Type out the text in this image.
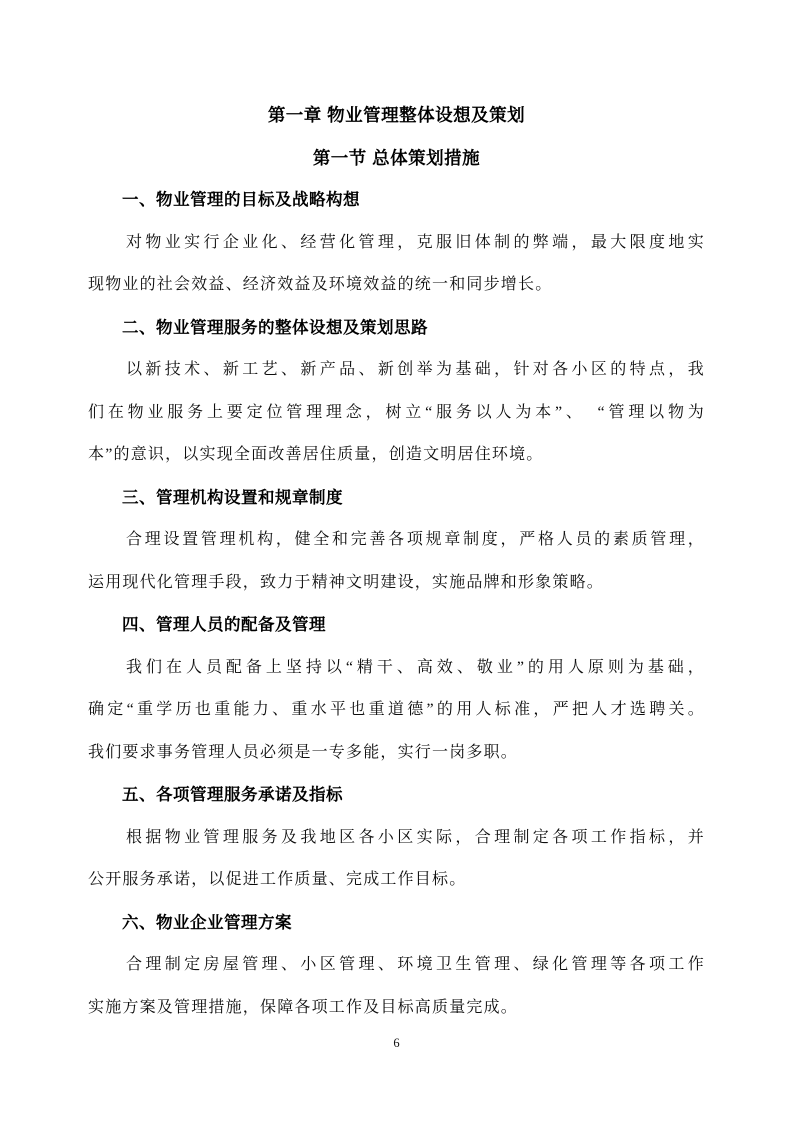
第一章 物业管理整体设想及策划
第一节 总体策划措施
一、物业管理的目标及战略构想
对物业实行企业化、经营化管理，克服旧体制的弊端，最大限度地实
现物业的社会效益、经济效益及环境效益的统一和同步增长。
二、物业管理服务的整体设想及策划思路
以新技术、新工艺、新产品、新创举为基础，针对各小区的特点，我
们在物业服务上要定位管理理念，树立“服务以人为本”、　“管理以物为
本”的意识，以实现全面改善居住质量，创造文明居住环境。
三、管理机构设置和规章制度
合理设置管理机构，健全和完善各项规章制度，严格人员的素质管理，
运用现代化管理手段，致力于精神文明建设，实施品牌和形象策略。
四、管理人员的配备及管理
我们在人员配备上坚持以“精干、高效、敬业”的用人原则为基础，
确定“重学历也重能力、重水平也重道德”的用人标准，严把人才选聘关。
我们要求事务管理人员必须是一专多能，实行一岗多职。
五、各项管理服务承诺及指标
根据物业管理服务及我地区各小区实际，合理制定各项工作指标，并
公开服务承诺，以促进工作质量、完成工作目标。
六、物业企业管理方案
合理制定房屋管理、小区管理、环境卫生管理、绿化管理等各项工作
实施方案及管理措施，保障各项工作及目标高质量完成。
6
